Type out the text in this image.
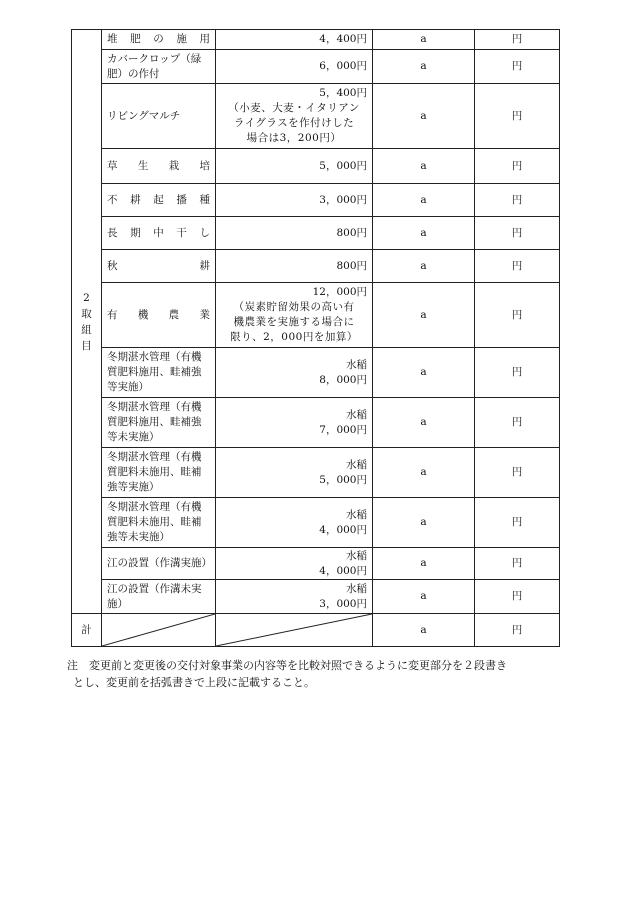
2
取組目	堆肥の施用	4，400円	a	円
	カバークロップ（緑肥）の作付	6，000円	a	円
	リビングマルチ	5，400円
（小麦、大麦・イタリアン
ライグラスを作付けした
場合は3，200円）	a	円
	草生栽培	5，000円	a	円
	不耕起播種	3，000円	a	円
	長期中干し	800円	a	円
	秋耕	800円	a	円
	有機農業	12，000円
（炭素貯留効果の高い有
機農業を実施する場合に
限り、2，000円を加算）	a	円
	冬期湛水管理（有機質肥料施用、畦補強等実施）	水稲
8，000円	a	円
	冬期湛水管理（有機質肥料施用、畦補強等未実施）	水稲
7，000円	a	円
	冬期湛水管理（有機質肥料未施用、畦補強等実施）	水稲
5，000円	a	円
	冬期湛水管理（有機質肥料未施用、畦補強等未実施）	水稲
4，000円	a	円
	江の設置（作溝実施）	水稲
4，000円	a	円
	江の設置（作溝未実施）	水稲
3，000円	a	円
計			a	円
注 変更前と変更後の交付対象事業の内容等を比較対照できるように変更部分を２段書き
とし、変更前を括弧書きで上段に記載すること。
